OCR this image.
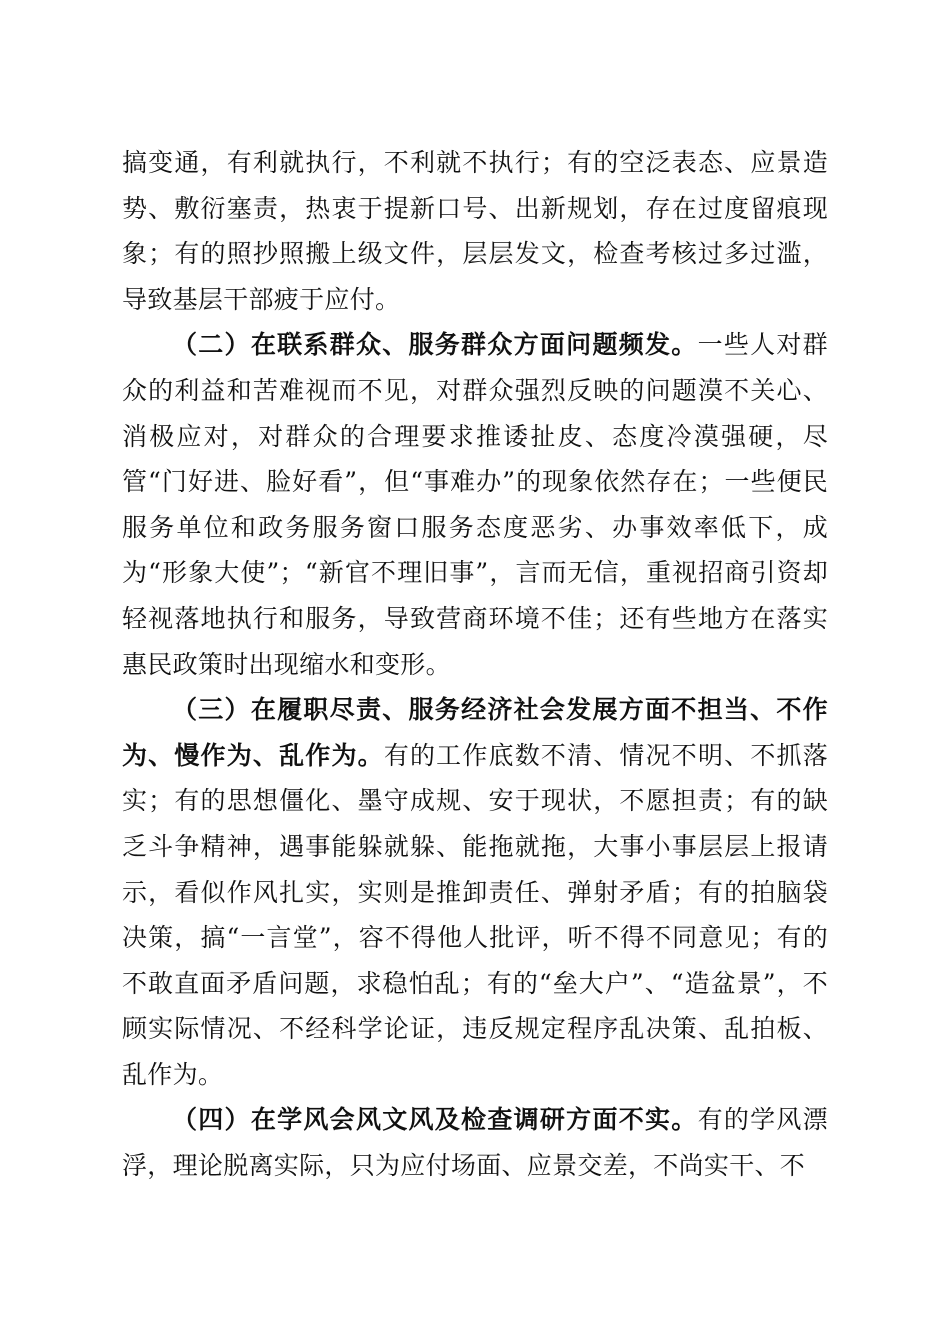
搞变通，有利就执行，不利就不执行；有的空泛表态、应景造势、敷衍塞责，热衷于提新口号、出新规划，存在过度留痕现象；有的照抄照搬上级文件，层层发文，检查考核过多过滥，导致基层干部疲于应付。

（二）在联系群众、服务群众方面问题频发。一些人对群众的利益和苦难视而不见，对群众强烈反映的问题漠不关心、消极应对，对群众的合理要求推诿扯皮、态度冷漠强硬，尽管“门好进、脸好看”，但“事难办”的现象依然存在；一些便民服务单位和政务服务窗口服务态度恶劣、办事效率低下，成为“形象大使”；“新官不理旧事”，言而无信，重视招商引资却轻视落地执行和服务，导致营商环境不佳；还有些地方在落实惠民政策时出现缩水和变形。

（三）在履职尽责、服务经济社会发展方面不担当、不作为、慢作为、乱作为。有的工作底数不清、情况不明、不抓落实；有的思想僵化、墨守成规、安于现状，不愿担责；有的缺乏斗争精神，遇事能躲就躲、能拖就拖，大事小事层层上报请示，看似作风扎实，实则是推卸责任、弹射矛盾；有的拍脑袋决策，搞“一言堂”，容不得他人批评，听不得不同意见；有的不敢直面矛盾问题，求稳怕乱；有的“垒大户”、“造盆景”，不顾实际情况、不经科学论证，违反规定程序乱决策、乱拍板、乱作为。

（四）在学风会风文风及检查调研方面不实。有的学风漂浮，理论脱离实际，只为应付场面、应景交差，不尚实干、不
